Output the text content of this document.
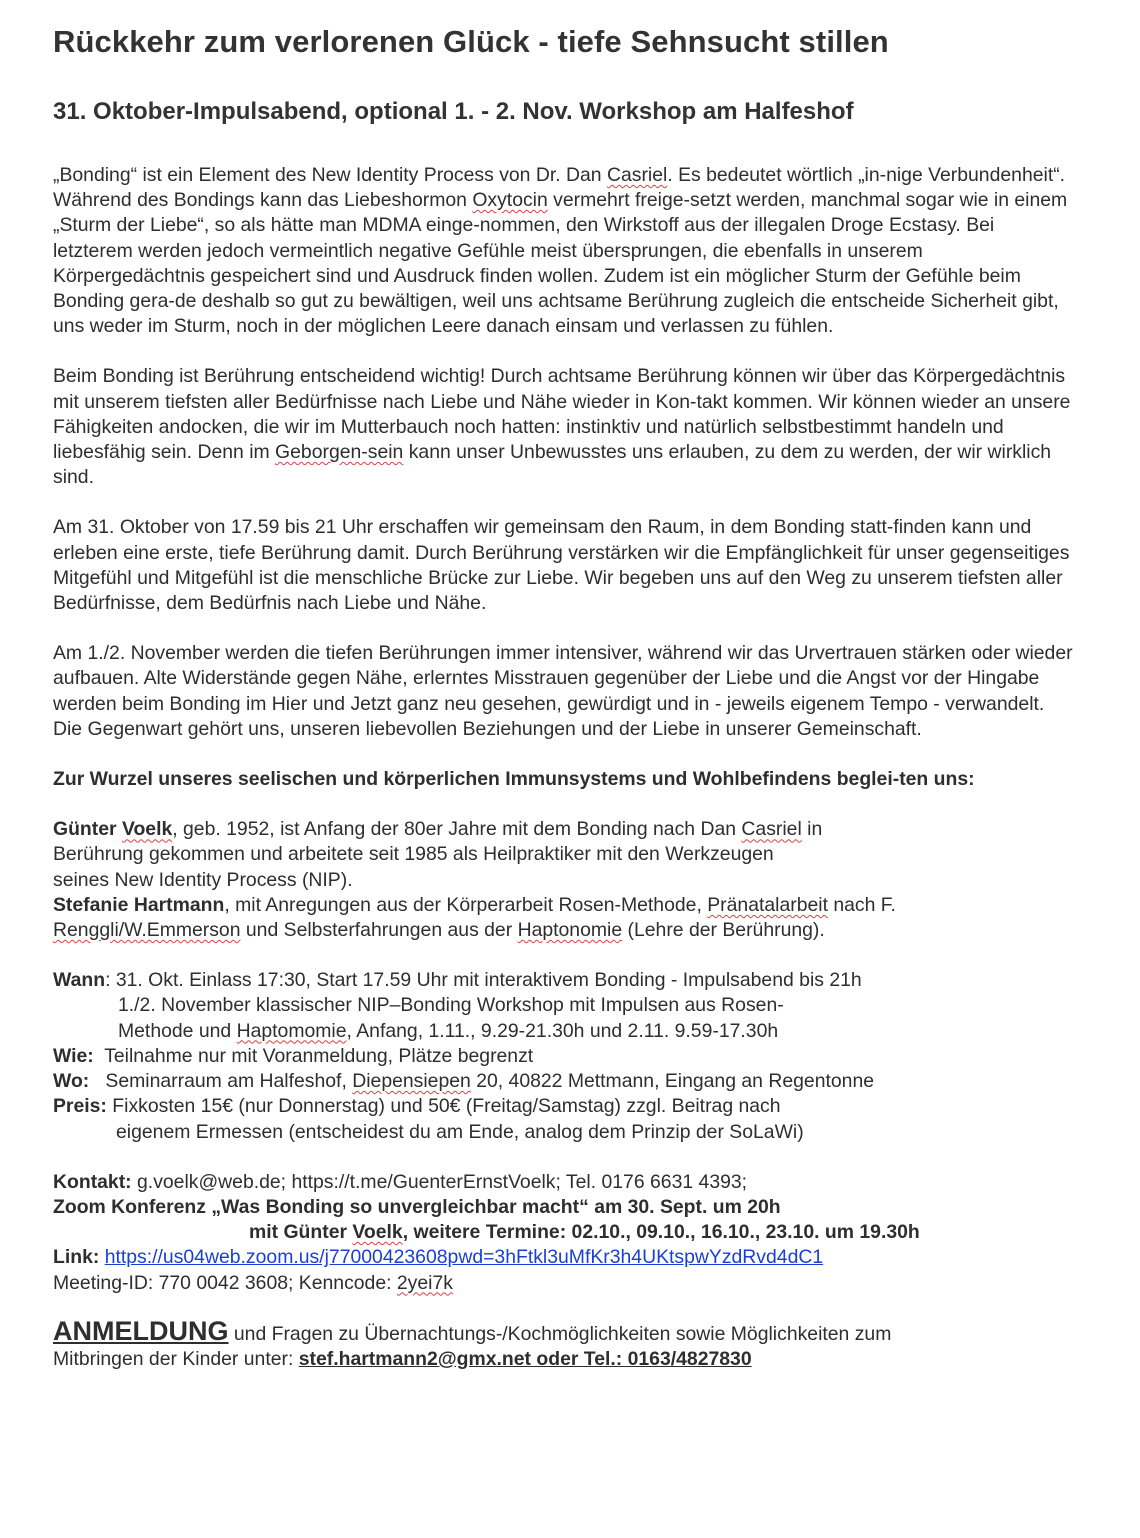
Rückkehr zum verlorenen Glück - tiefe Sehnsucht stillen
31. Oktober-Impulsabend, optional 1. - 2. Nov. Workshop am Halfeshof

„Bonding“ ist ein Element des New Identity Process von Dr. Dan Casriel. Es bedeutet wörtlich „in-nige Verbundenheit“. Während des Bondings kann das Liebeshormon Oxytocin vermehrt freige-setzt werden, manchmal sogar wie in einem „Sturm der Liebe“, so als hätte man MDMA einge-nommen, den Wirkstoff aus der illegalen Droge Ecstasy. Bei letzterem werden jedoch vermeintlich negative Gefühle meist übersprungen, die ebenfalls in unserem Körpergedächtnis gespeichert sind und Ausdruck finden wollen. Zudem ist ein möglicher Sturm der Gefühle beim Bonding gera-de deshalb so gut zu bewältigen, weil uns achtsame Berührung zugleich die entscheide Sicherheit gibt, uns weder im Sturm, noch in der möglichen Leere danach einsam und verlassen zu fühlen.

Beim Bonding ist Berührung entscheidend wichtig! Durch achtsame Berührung können wir über das Körpergedächtnis mit unserem tiefsten aller Bedürfnisse nach Liebe und Nähe wieder in Kon-takt kommen. Wir können wieder an unsere Fähigkeiten andocken, die wir im Mutterbauch noch hatten: instinktiv und natürlich selbstbestimmt handeln und liebesfähig sein. Denn im Geborgen-sein kann unser Unbewusstes uns erlauben, zu dem zu werden, der wir wirklich sind.

Am 31. Oktober von 17.59 bis 21 Uhr erschaffen wir gemeinsam den Raum, in dem Bonding statt-finden kann und erleben eine erste, tiefe Berührung damit. Durch Berührung verstärken wir die Empfänglichkeit für unser gegenseitiges Mitgefühl und Mitgefühl ist die menschliche Brücke zur Liebe. Wir begeben uns auf den Weg zu unserem tiefsten aller Bedürfnisse, dem Bedürfnis nach Liebe und Nähe.

Am 1./2. November werden die tiefen Berührungen immer intensiver, während wir das Urvertrauen stärken oder wieder aufbauen. Alte Widerstände gegen Nähe, erlerntes Misstrauen gegenüber der Liebe und die Angst vor der Hingabe werden beim Bonding im Hier und Jetzt ganz neu gesehen, gewürdigt und in - jeweils eigenem Tempo - verwandelt. Die Gegenwart gehört uns, unseren liebevollen Beziehungen und der Liebe in unserer Gemeinschaft.

Zur Wurzel unseres seelischen und körperlichen Immunsystems und Wohlbefindens beglei-ten uns:

Günter Voelk, geb. 1952, ist Anfang der 80er Jahre mit dem Bonding nach Dan Casriel in
Berührung gekommen und arbeitete seit 1985 als Heilpraktiker mit den Werkzeugen
seines New Identity Process (NIP).
Stefanie Hartmann, mit Anregungen aus der Körperarbeit Rosen-Methode, Pränatalarbeit nach F.
Renggli/W.Emmerson und Selbsterfahrungen aus der Haptonomie (Lehre der Berührung).
Wann: 31. Okt. Einlass 17:30, Start 17.59 Uhr mit interaktivem Bonding - Impulsabend bis 21h
1./2. November klassischer NIP–Bonding Workshop mit Impulsen aus Rosen-
Methode und Haptomomie, Anfang, 1.11., 9.29-21.30h und 2.11. 9.59-17.30h
Wie:  Teilnahme nur mit Voranmeldung, Plätze begrenzt
Wo:   Seminarraum am Halfeshof, Diepensiepen 20, 40822 Mettmann, Eingang an Regentonne
Preis: Fixkosten 15€ (nur Donnerstag) und 50€ (Freitag/Samstag) zzgl. Beitrag nach
eigenem Ermessen (entscheidest du am Ende, analog dem Prinzip der SoLaWi)
Kontakt: g.voelk@web.de; https://t.me/GuenterErnstVoelk; Tel. 0176 6631 4393;
Zoom Konferenz „Was Bonding so unvergleichbar macht“ am 30. Sept. um 20h
mit Günter Voelk, weitere Termine: 02.10., 09.10., 16.10., 23.10. um 19.30h
Link: https://us04web.zoom.us/j77000423608pwd=3hFtkl3uMfKr3h4UKtspwYzdRvd4dC1
Meeting-ID: 770 0042 3608; Kenncode: 2yei7k
ANMELDUNG und Fragen zu Übernachtungs-/Kochmöglichkeiten sowie Möglichkeiten zum
Mitbringen der Kinder unter: stef.hartmann2@gmx.net oder Tel.: 0163/4827830
